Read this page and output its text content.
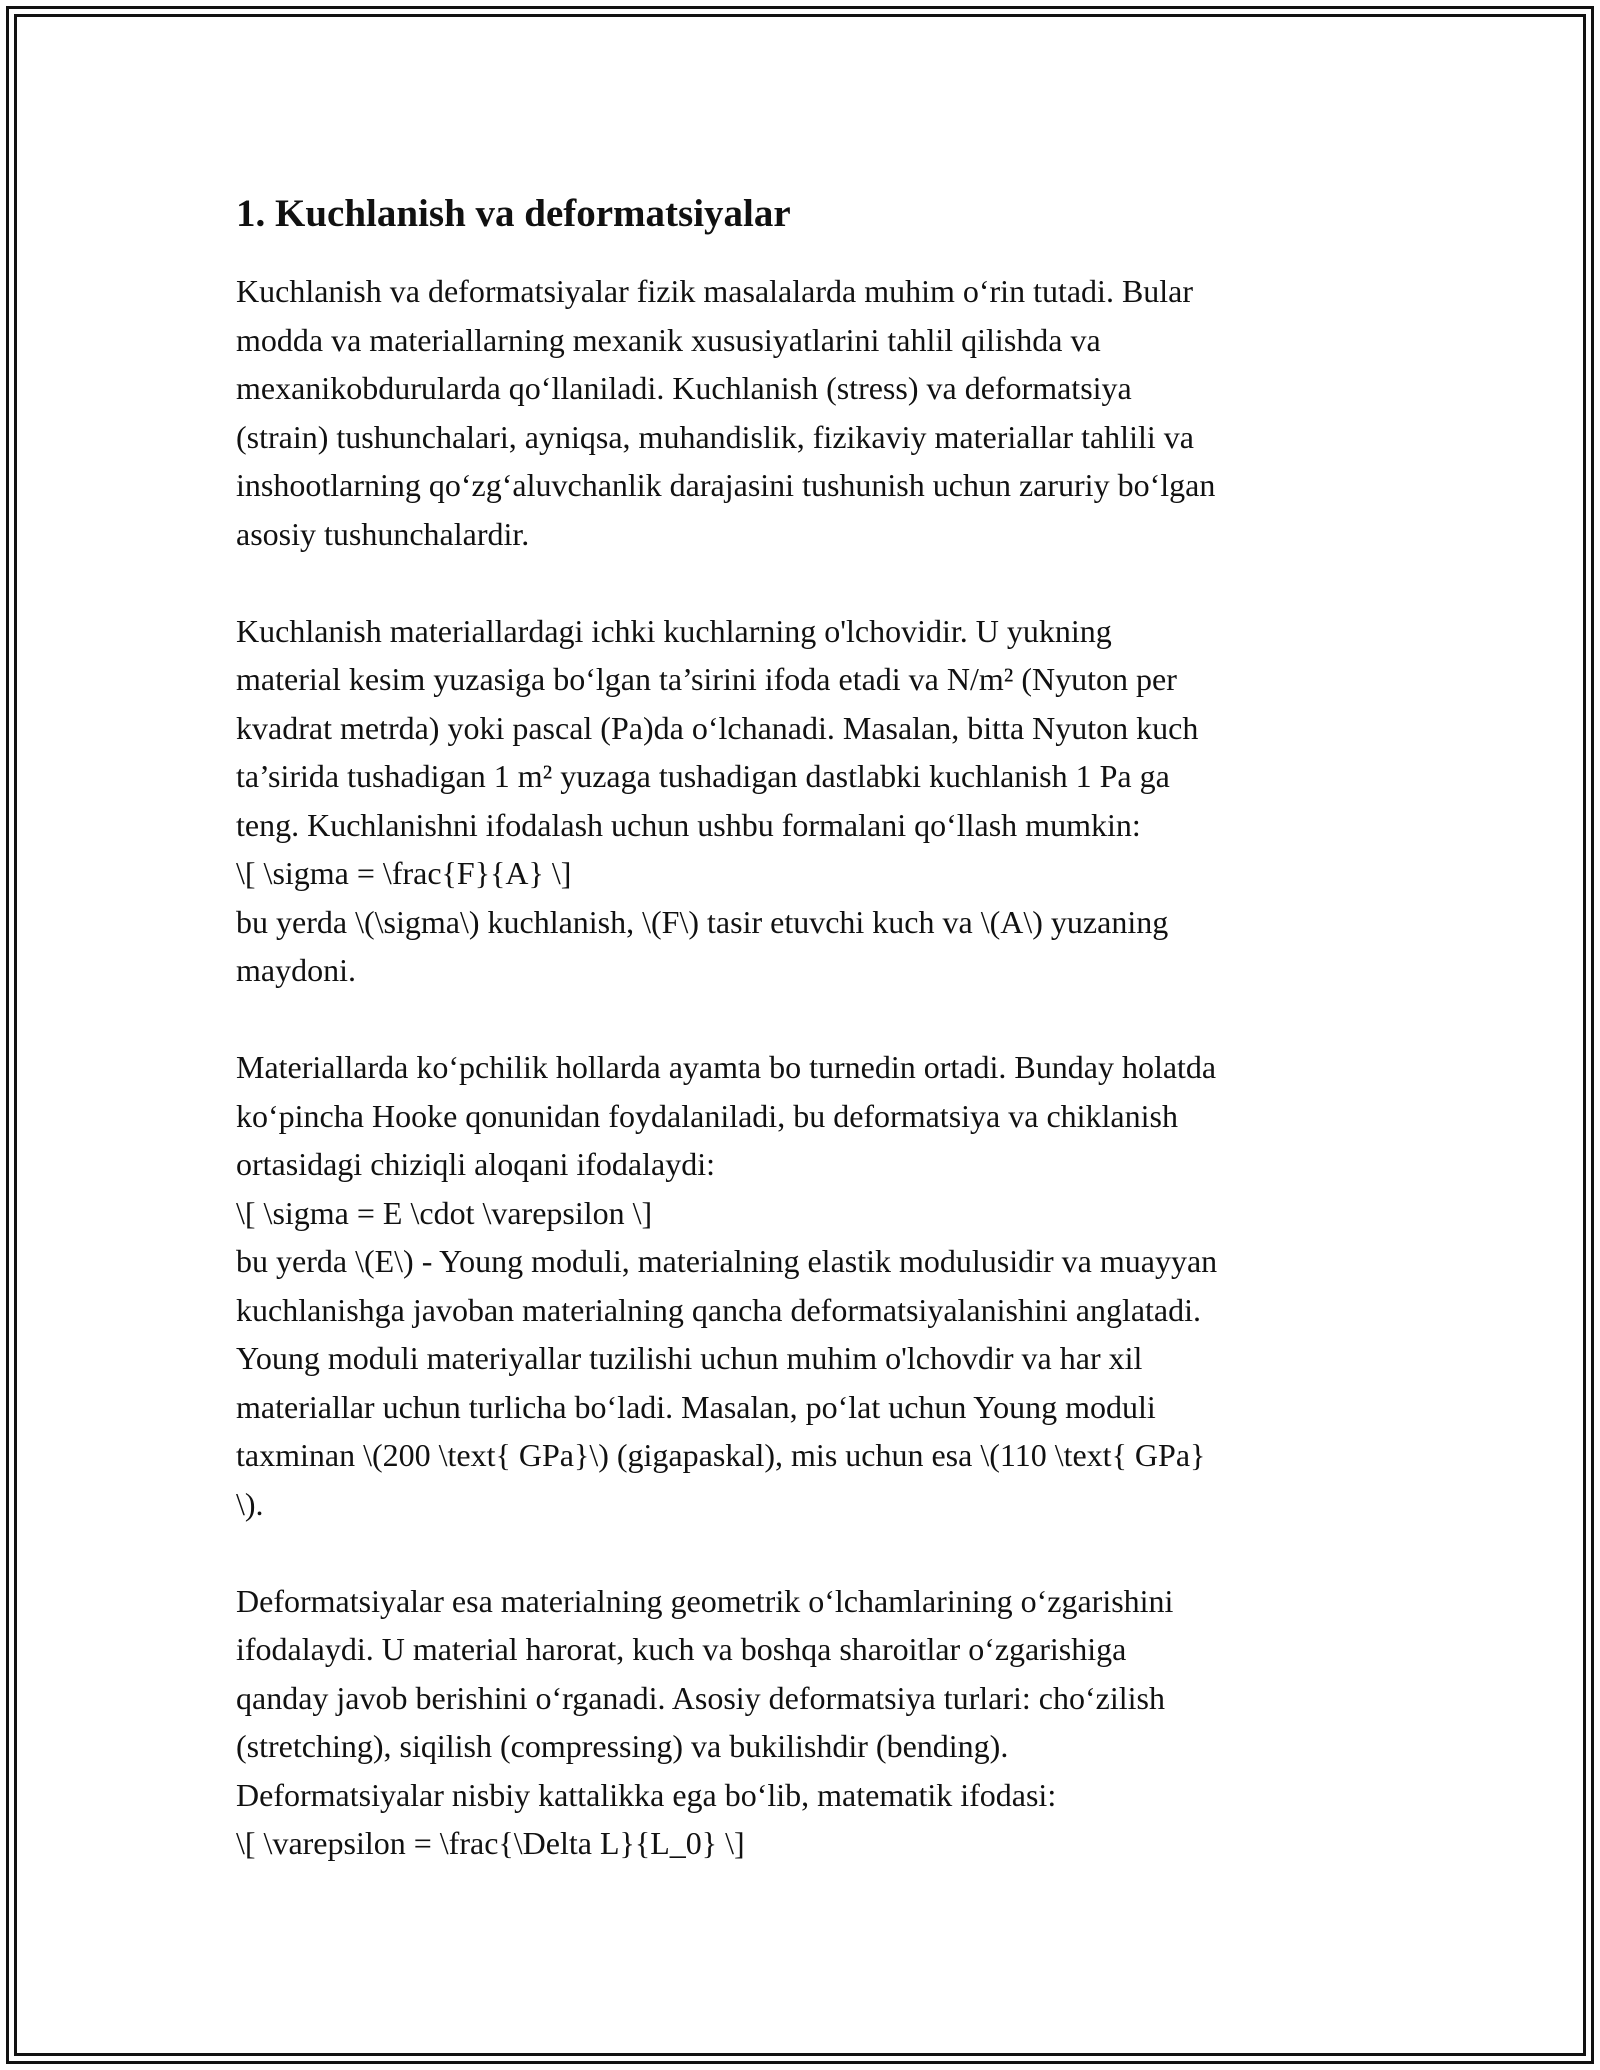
1. Kuchlanish va deformatsiyalar
Kuchlanish va deformatsiyalar fizik masalalarda muhim o‘rin tutadi. Bular
modda va materiallarning mexanik xususiyatlarini tahlil qilishda va
mexanikobdurularda qo‘llaniladi. Kuchlanish (stress) va deformatsiya
(strain) tushunchalari, ayniqsa, muhandislik, fizikaviy materiallar tahlili va
inshootlarning qo‘zg‘aluvchanlik darajasini tushunish uchun zaruriy bo‘lgan
asosiy tushunchalardir.
Kuchlanish materiallardagi ichki kuchlarning o'lchovidir. U yukning
material kesim yuzasiga bo‘lgan ta’sirini ifoda etadi va N/m² (Nyuton per
kvadrat metrda) yoki pascal (Pa)da o‘lchanadi. Masalan, bitta Nyuton kuch
ta’sirida tushadigan 1 m² yuzaga tushadigan dastlabki kuchlanish 1 Pa ga
teng. Kuchlanishni ifodalash uchun ushbu formalani qo‘llash mumkin:
\[ \sigma = \frac{F}{A} \]
bu yerda \(\sigma\) kuchlanish, \(F\) tasir etuvchi kuch va \(A\) yuzaning
maydoni.
Materiallarda ko‘pchilik hollarda ayamta bo turnedin ortadi. Bunday holatda
ko‘pincha Hooke qonunidan foydalaniladi, bu deformatsiya va chiklanish
ortasidagi chiziqli aloqani ifodalaydi:
\[ \sigma = E \cdot \varepsilon \]
bu yerda \(E\) - Young moduli, materialning elastik modulusidir va muayyan
kuchlanishga javoban materialning qancha deformatsiyalanishini anglatadi.
Young moduli materiyallar tuzilishi uchun muhim o'lchovdir va har xil
materiallar uchun turlicha bo‘ladi. Masalan, po‘lat uchun Young moduli
taxminan \(200 \text{ GPa}\) (gigapaskal), mis uchun esa \(110 \text{ GPa}
\).
Deformatsiyalar esa materialning geometrik o‘lchamlarining o‘zgarishini
ifodalaydi. U material harorat, kuch va boshqa sharoitlar o‘zgarishiga
qanday javob berishini o‘rganadi. Asosiy deformatsiya turlari: cho‘zilish
(stretching), siqilish (compressing) va bukilishdir (bending).
Deformatsiyalar nisbiy kattalikka ega bo‘lib, matematik ifodasi:
\[ \varepsilon = \frac{\Delta L}{L_0} \]
